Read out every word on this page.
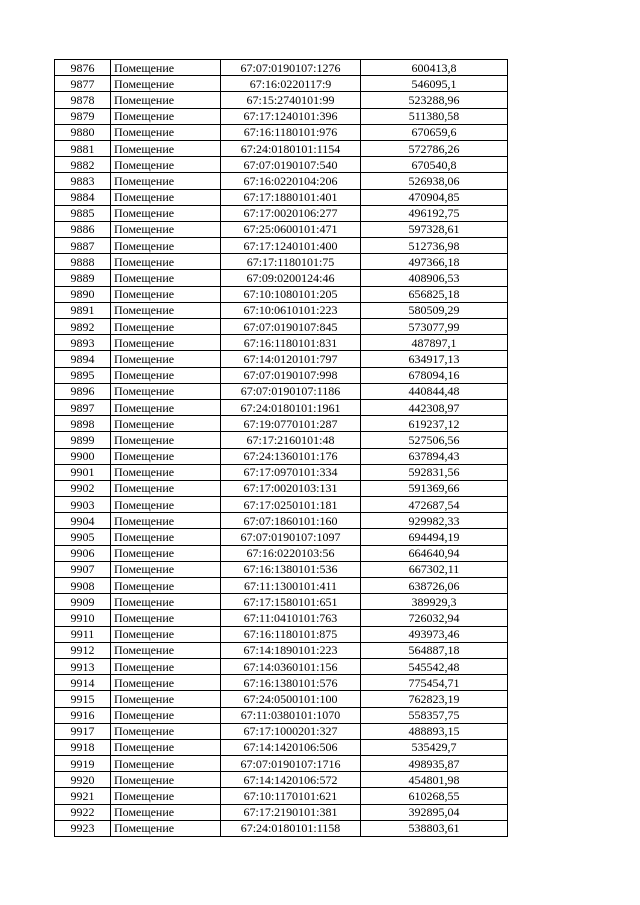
9876	Помещение	67:07:0190107:1276	600413,8
9877	Помещение	67:16:0220117:9	546095,1
9878	Помещение	67:15:2740101:99	523288,96
9879	Помещение	67:17:1240101:396	511380,58
9880	Помещение	67:16:1180101:976	670659,6
9881	Помещение	67:24:0180101:1154	572786,26
9882	Помещение	67:07:0190107:540	670540,8
9883	Помещение	67:16:0220104:206	526938,06
9884	Помещение	67:17:1880101:401	470904,85
9885	Помещение	67:17:0020106:277	496192,75
9886	Помещение	67:25:0600101:471	597328,61
9887	Помещение	67:17:1240101:400	512736,98
9888	Помещение	67:17:1180101:75	497366,18
9889	Помещение	67:09:0200124:46	408906,53
9890	Помещение	67:10:1080101:205	656825,18
9891	Помещение	67:10:0610101:223	580509,29
9892	Помещение	67:07:0190107:845	573077,99
9893	Помещение	67:16:1180101:831	487897,1
9894	Помещение	67:14:0120101:797	634917,13
9895	Помещение	67:07:0190107:998	678094,16
9896	Помещение	67:07:0190107:1186	440844,48
9897	Помещение	67:24:0180101:1961	442308,97
9898	Помещение	67:19:0770101:287	619237,12
9899	Помещение	67:17:2160101:48	527506,56
9900	Помещение	67:24:1360101:176	637894,43
9901	Помещение	67:17:0970101:334	592831,56
9902	Помещение	67:17:0020103:131	591369,66
9903	Помещение	67:17:0250101:181	472687,54
9904	Помещение	67:07:1860101:160	929982,33
9905	Помещение	67:07:0190107:1097	694494,19
9906	Помещение	67:16:0220103:56	664640,94
9907	Помещение	67:16:1380101:536	667302,11
9908	Помещение	67:11:1300101:411	638726,06
9909	Помещение	67:17:1580101:651	389929,3
9910	Помещение	67:11:0410101:763	726032,94
9911	Помещение	67:16:1180101:875	493973,46
9912	Помещение	67:14:1890101:223	564887,18
9913	Помещение	67:14:0360101:156	545542,48
9914	Помещение	67:16:1380101:576	775454,71
9915	Помещение	67:24:0500101:100	762823,19
9916	Помещение	67:11:0380101:1070	558357,75
9917	Помещение	67:17:1000201:327	488893,15
9918	Помещение	67:14:1420106:506	535429,7
9919	Помещение	67:07:0190107:1716	498935,87
9920	Помещение	67:14:1420106:572	454801,98
9921	Помещение	67:10:1170101:621	610268,55
9922	Помещение	67:17:2190101:381	392895,04
9923	Помещение	67:24:0180101:1158	538803,61
